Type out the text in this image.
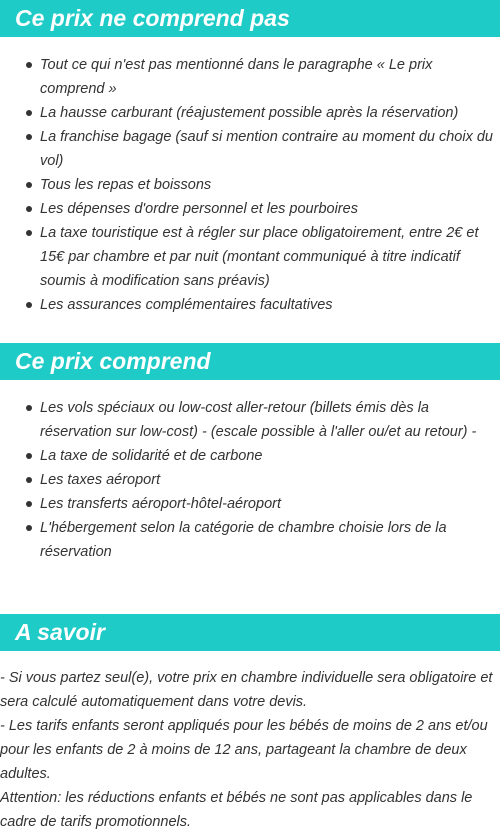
Ce prix ne comprend pas
Tout ce qui n'est pas mentionné dans le paragraphe « Le prix comprend »
La hausse carburant (réajustement possible après la réservation)
La franchise bagage (sauf si mention contraire au moment du choix du vol)
Tous les repas et boissons
Les dépenses d'ordre personnel et les pourboires
La taxe touristique est à régler sur place obligatoirement, entre 2€ et 15€ par chambre et par nuit (montant communiqué à titre indicatif soumis à modification sans préavis)
Les assurances complémentaires facultatives
Ce prix comprend
Les vols spéciaux ou low-cost aller-retour (billets émis dès la réservation sur low-cost) - (escale possible à l'aller ou/et au retour) -
La taxe de solidarité et de carbone
Les taxes aéroport
Les transferts aéroport-hôtel-aéroport
L'hébergement selon la catégorie de chambre choisie lors de la réservation
A savoir
- Si vous partez seul(e), votre prix en chambre individuelle sera obligatoire et sera calculé automatiquement dans votre devis.
- Les tarifs enfants seront appliqués pour les bébés de moins de 2 ans et/ou pour les enfants de 2 à moins de 12 ans, partageant la chambre de deux adultes.
Attention: les réductions enfants et bébés ne sont pas applicables dans le cadre de tarifs promotionnels.
